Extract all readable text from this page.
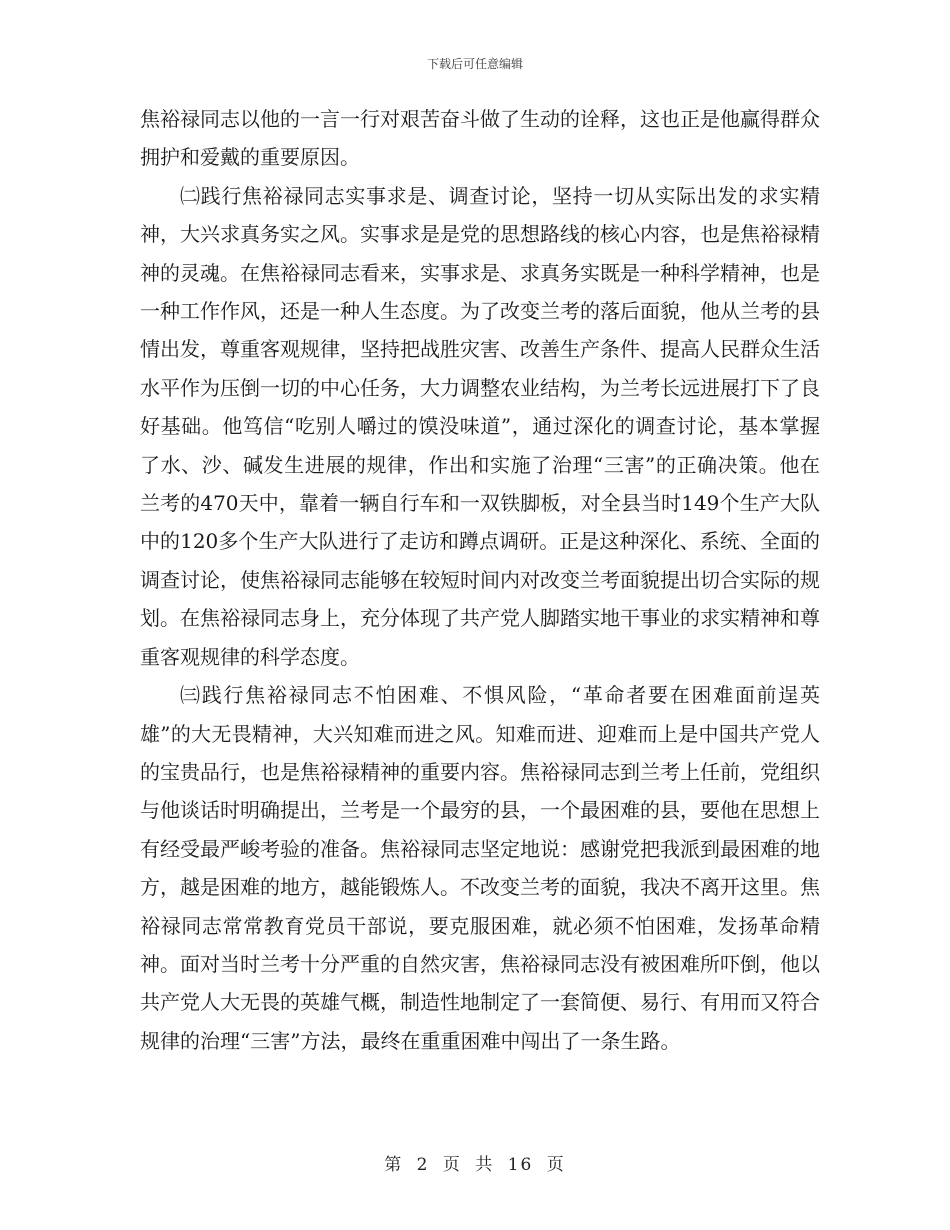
下载后可任意编辑

焦裕禄同志以他的一言一行对艰苦奋斗做了生动的诠释，这也正是他赢得群众拥护和爱戴的重要原因。

㈡践行焦裕禄同志实事求是、调查讨论，坚持一切从实际出发的求实精神，大兴求真务实之风。实事求是是党的思想路线的核心内容，也是焦裕禄精神的灵魂。在焦裕禄同志看来，实事求是、求真务实既是一种科学精神，也是一种工作作风，还是一种人生态度。为了改变兰考的落后面貌，他从兰考的县情出发，尊重客观规律，坚持把战胜灾害、改善生产条件、提高人民群众生活水平作为压倒一切的中心任务，大力调整农业结构，为兰考长远进展打下了良好基础。他笃信“吃别人嚼过的馍没味道”，通过深化的调查讨论，基本掌握了水、沙、碱发生进展的规律，作出和实施了治理“三害”的正确决策。他在兰考的470天中，靠着一辆自行车和一双铁脚板，对全县当时149个生产大队中的120多个生产大队进行了走访和蹲点调研。正是这种深化、系统、全面的调查讨论，使焦裕禄同志能够在较短时间内对改变兰考面貌提出切合实际的规划。在焦裕禄同志身上，充分体现了共产党人脚踏实地干事业的求实精神和尊重客观规律的科学态度。

㈢践行焦裕禄同志不怕困难、不惧风险，“革命者要在困难面前逞英雄”的大无畏精神，大兴知难而进之风。知难而进、迎难而上是中国共产党人的宝贵品行，也是焦裕禄精神的重要内容。焦裕禄同志到兰考上任前，党组织与他谈话时明确提出，兰考是一个最穷的县，一个最困难的县，要他在思想上有经受最严峻考验的准备。焦裕禄同志坚定地说：感谢党把我派到最困难的地方，越是困难的地方，越能锻炼人。不改变兰考的面貌，我决不离开这里。焦裕禄同志常常教育党员干部说，要克服困难，就必须不怕困难，发扬革命精神。面对当时兰考十分严重的自然灾害，焦裕禄同志没有被困难所吓倒，他以共产党人大无畏的英雄气概，制造性地制定了一套简便、易行、有用而又符合规律的治理“三害”方法，最终在重重困难中闯出了一条生路。

第 2 页 共 16 页
